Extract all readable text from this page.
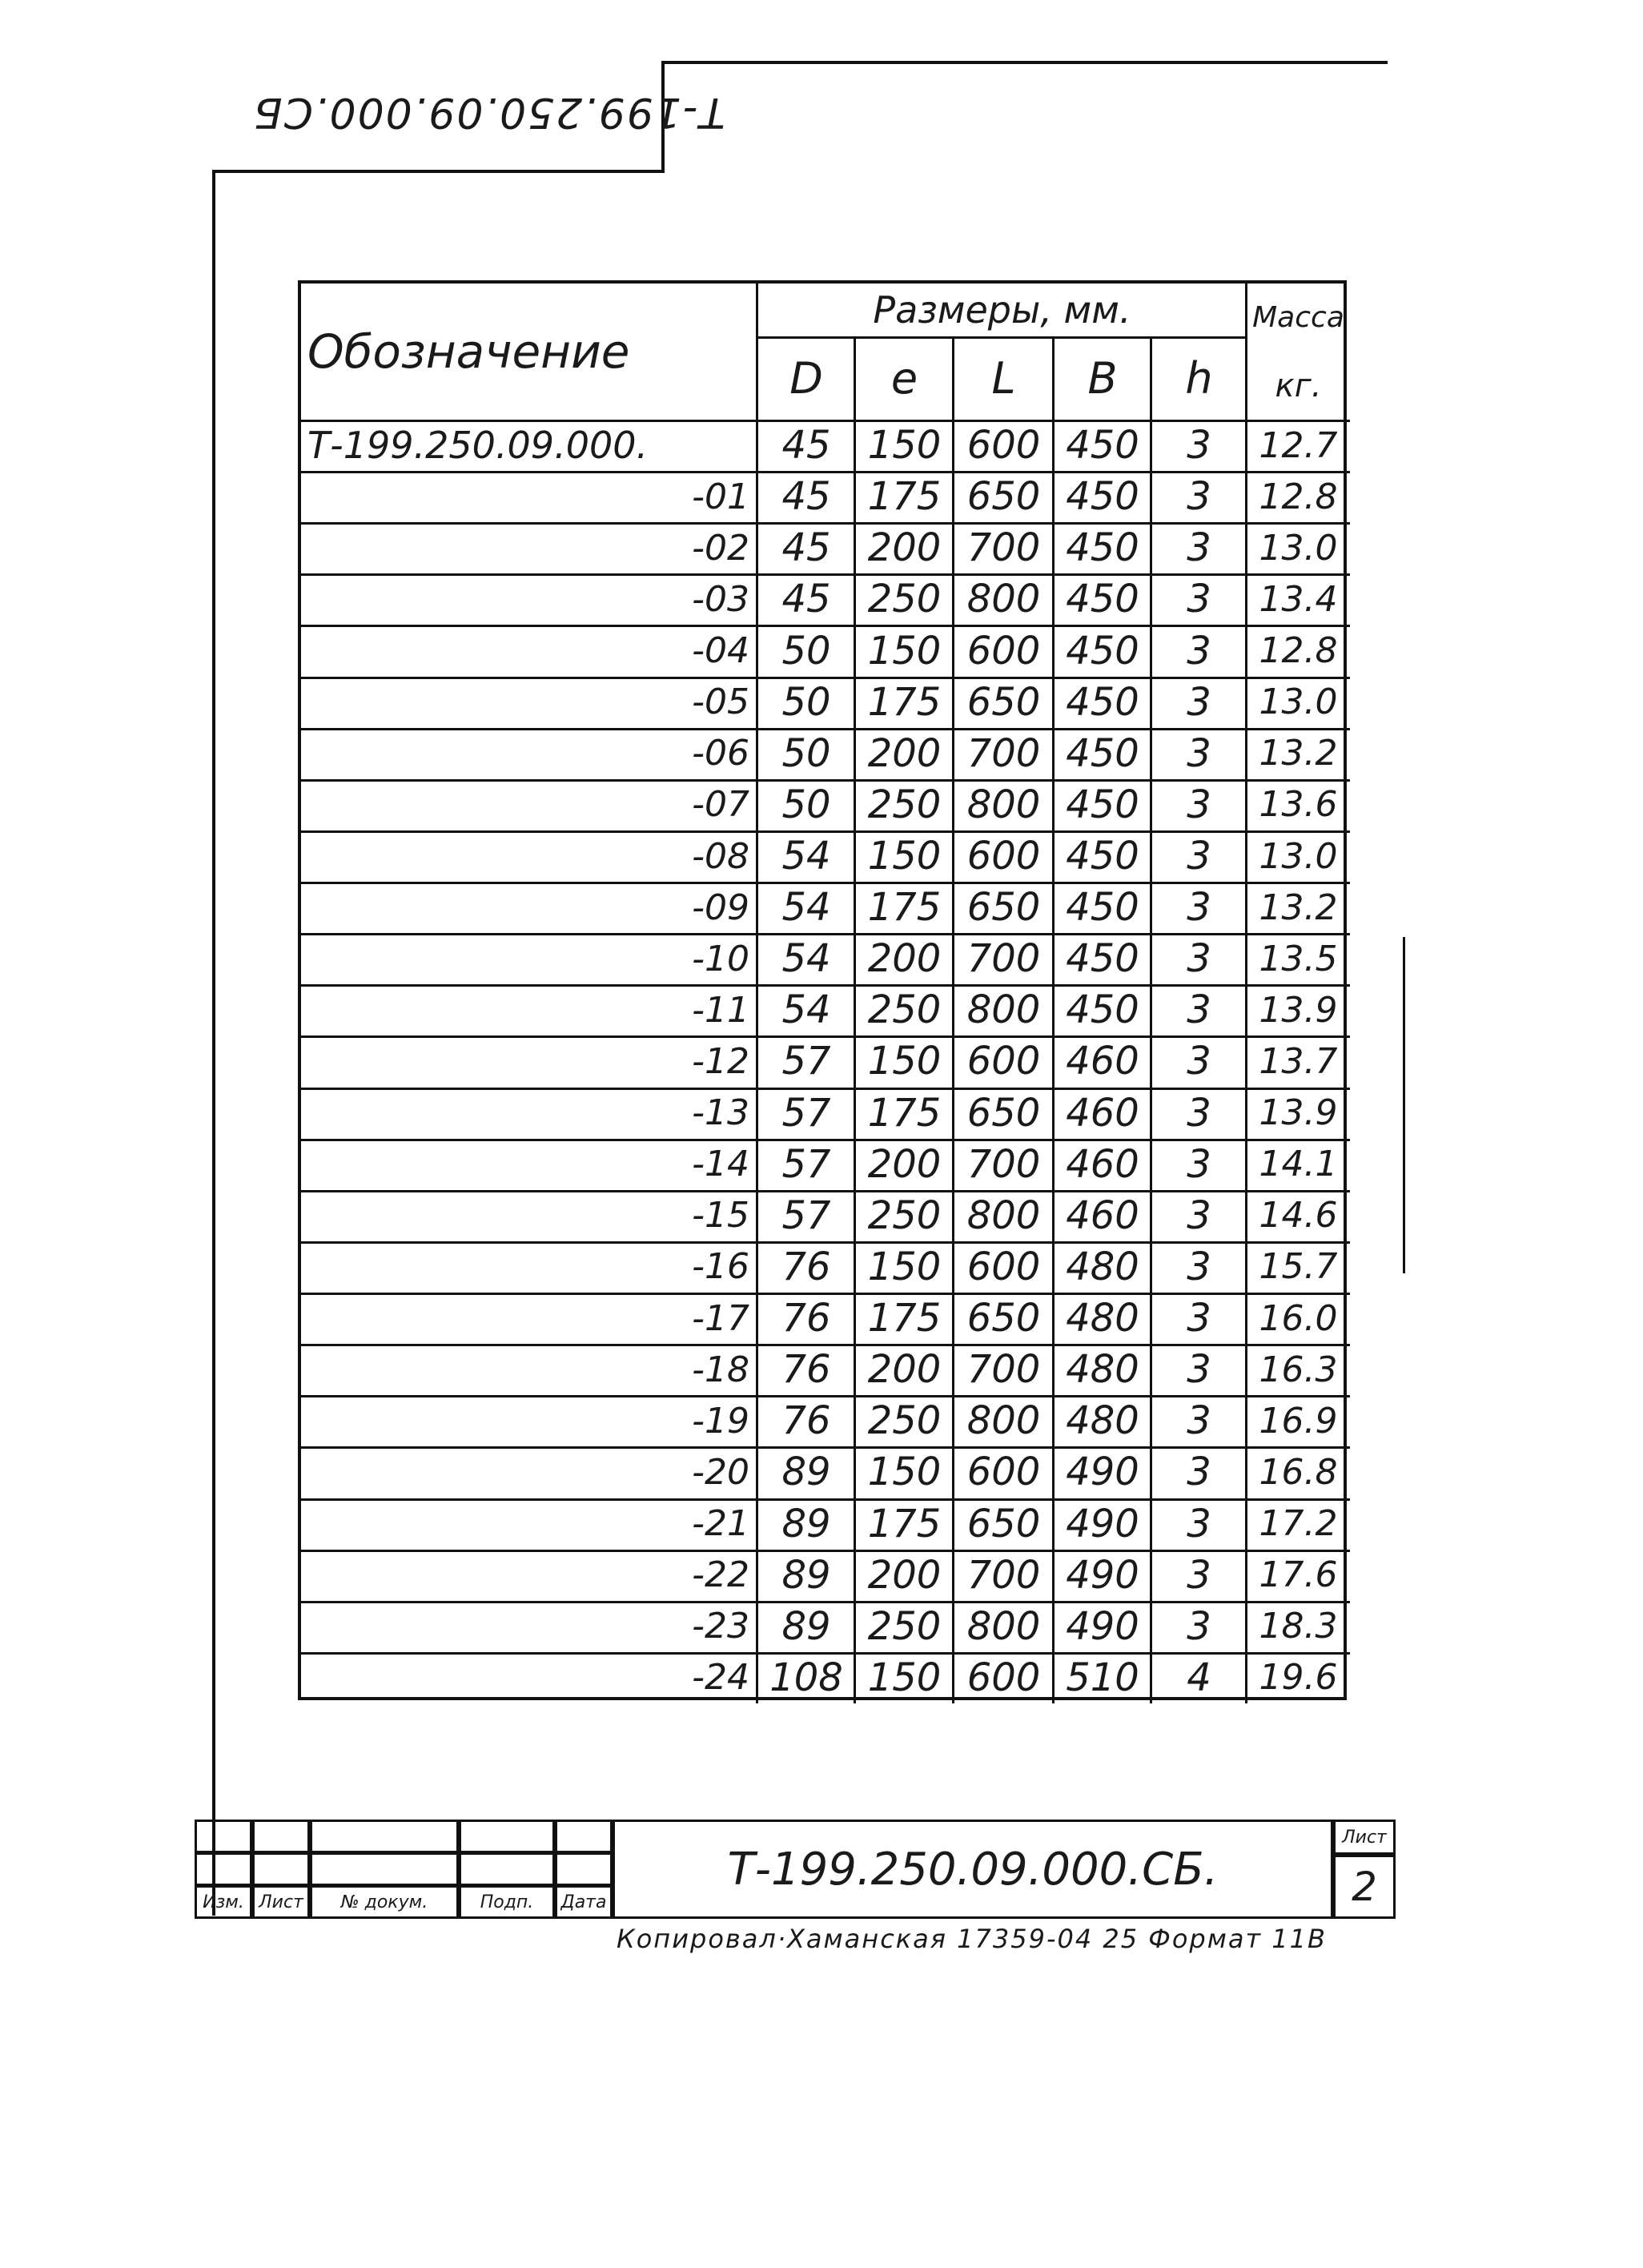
Т-199.250.09.000.СБ
Обозначение
Размеры, мм.	Масса
кг.
D	e	L	B	h
Т-199.250.09.000.	45 150 600 450	3	12.7
-01 45 175 650 450	3	12.8
-02 45 200 700 450	3	13.0
-03 45 250 800 450	3	13.4
-04 50 150 600 450	3	12.8
-05 50 175 650 450	3	13.0
-06 50 200 700 450	3	13.2
-07 50 250 800 450	3	13.6
-08 54 150 600 450	3	13.0
-09 54 175 650 450	3	13.2
-10 54 200 700 450	3	13.5
-11 54 250 800 450	3	13.9
-12 57 150 600 460	3	13.7
-13 57 175 650 460	3	13.9
-14 57 200 700 460	3	14.1
-15 57 250 800 460	3	14.6
-16 76 150 600 480	3	15.7
-17 76 175 650 480	3	16.0
-18 76 200 700 480	3	16.3
-19 76 250 800 480	3	16.9
-20 89 150 600 490	3	16.8
-21 89 175 650 490	3	17.2
-22 89 200 700 490	3	17.6
-23 89 250 800 490	3	18.3
-24 108 150 600 510	4	19.6
Изм. Лист	№ докум.	Подп.	Дата
Т-199.250.09.000.СБ.
Лист
2
Копировал·Хаманская 17359-04 25 Формат 11В
